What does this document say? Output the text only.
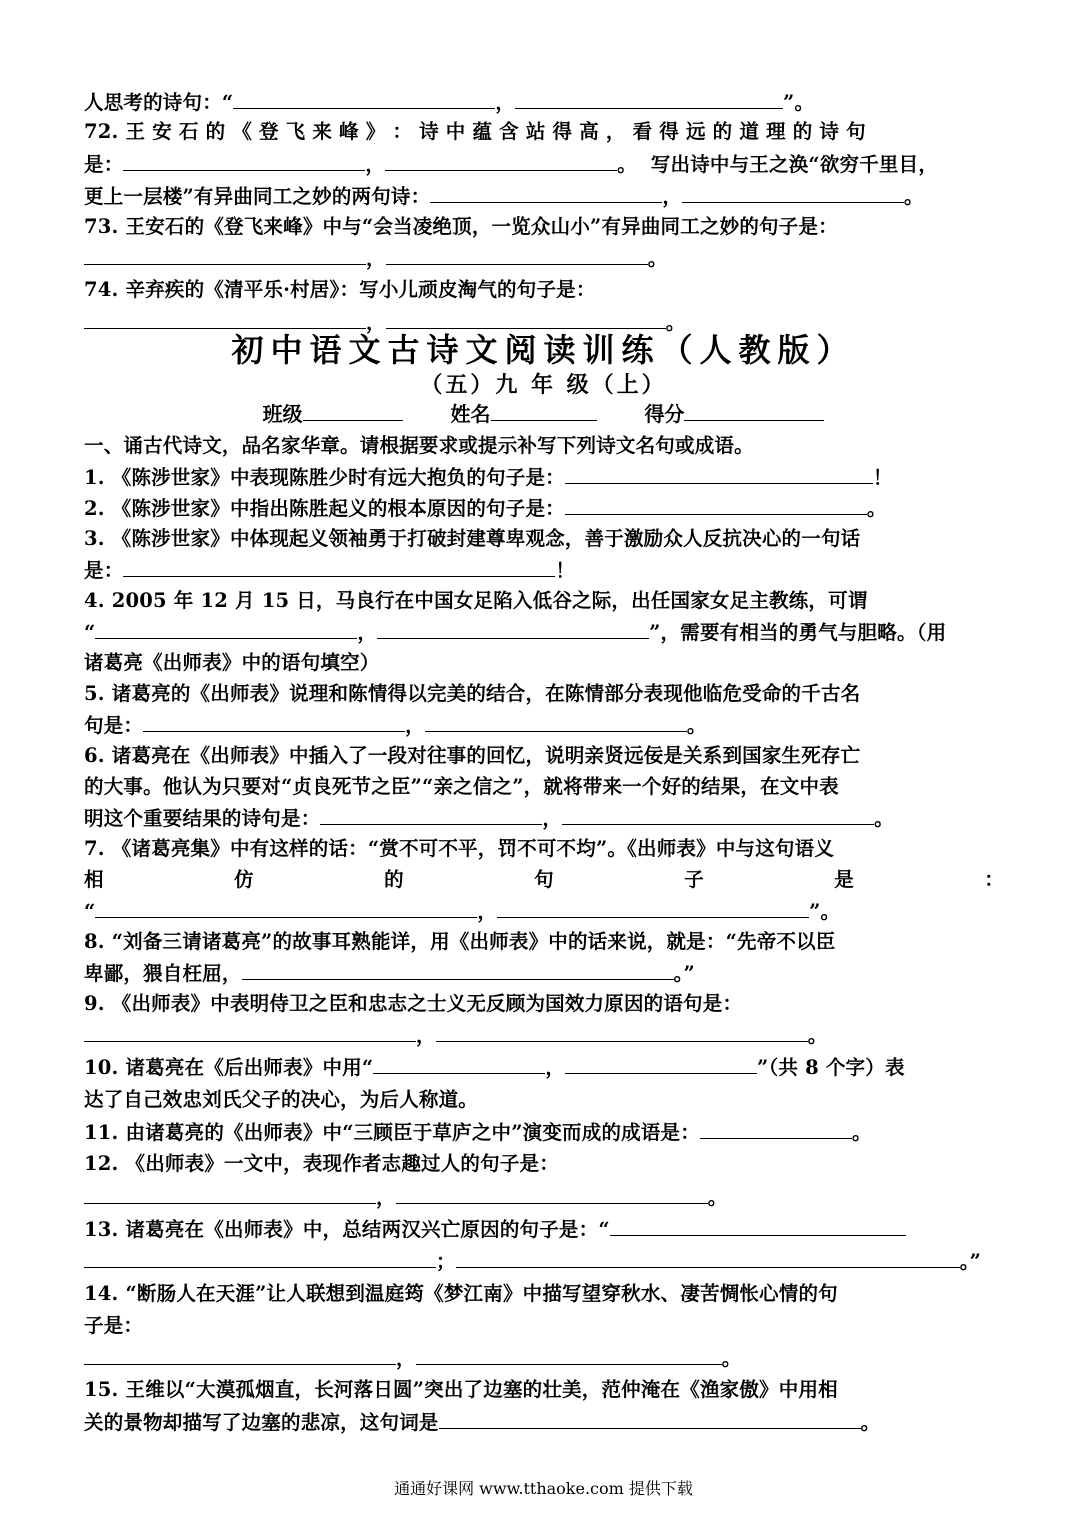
人思考的诗句：“	，	”。
72. 王 安 石 的 《 登 飞 来 峰 》 ： 诗 中 蕴 含 站 得 高 ， 看 得 远 的 道 理 的 诗 句
是：	，	。 写出诗中与王之涣“欲穷千里目，
更上一层楼”有异曲同工之妙的两句诗：	，	。
73. 王安石的《登飞来峰》中与“会当凌绝顶，一览众山小”有异曲同工之妙的句子是：
，	。
74. 辛弃疾的《清平乐·村居》：写小儿顽皮淘气的句子是：
，	。
初中语文古诗文阅读训练（人教版）
（五）九 年 级（上）
班级	姓名	得分
一、诵古代诗文，品名家华章。请根据要求或提示补写下列诗文名句或成语。
1. 《陈涉世家》中表现陈胜少时有远大抱负的句子是：	！
2. 《陈涉世家》中指出陈胜起义的根本原因的句子是：	。
3. 《陈涉世家》中体现起义领袖勇于打破封建尊卑观念，善于激励众人反抗决心的一句话
是：	！
4. 2005 年 12 月 15 日，马良行在中国女足陷入低谷之际，出任国家女足主教练，可谓
“	，	”，需要有相当的勇气与胆略。（用
诸葛亮《出师表》中的语句填空）
5. 诸葛亮的《出师表》说理和陈情得以完美的结合，在陈情部分表现他临危受命的千古名
句是：	，	。
6. 诸葛亮在《出师表》中插入了一段对往事的回忆，说明亲贤远佞是关系到国家生死存亡
的大事。他认为只要对“贞良死节之臣”“亲之信之”，就将带来一个好的结果，在文中表
明这个重要结果的诗句是：	，	。
7. 《诸葛亮集》中有这样的话：“赏不可不平，罚不可不均”。《出师表》中与这句语义
相	仿	的	句	子	是	：
“	，	”。
8. “刘备三请诸葛亮”的故事耳熟能详，用《出师表》中的话来说，就是：“先帝不以臣
卑鄙，猥自枉屈，	。”
9. 《出师表》中表明侍卫之臣和忠志之士义无反顾为国效力原因的语句是：
，	。
10. 诸葛亮在《后出师表》中用“	，	”（共 8 个字）表
达了自己效忠刘氏父子的决心，为后人称道。
11. 由诸葛亮的《出师表》中“三顾臣于草庐之中”演变而成的成语是：	。
12. 《出师表》一文中，表现作者志趣过人的句子是：
，	。
13. 诸葛亮在《出师表》中，总结两汉兴亡原因的句子是：“
；	。”
14. “断肠人在天涯”让人联想到温庭筠《梦江南》中描写望穿秋水、凄苦惆怅心情的句
子是：
，	。
15. 王维以“大漠孤烟直，长河落日圆”突出了边塞的壮美，范仲淹在《渔家傲》中用相
关的景物却描写了边塞的悲凉，这句词是	。
通通好课网 www.tthaoke.com 提供下载
